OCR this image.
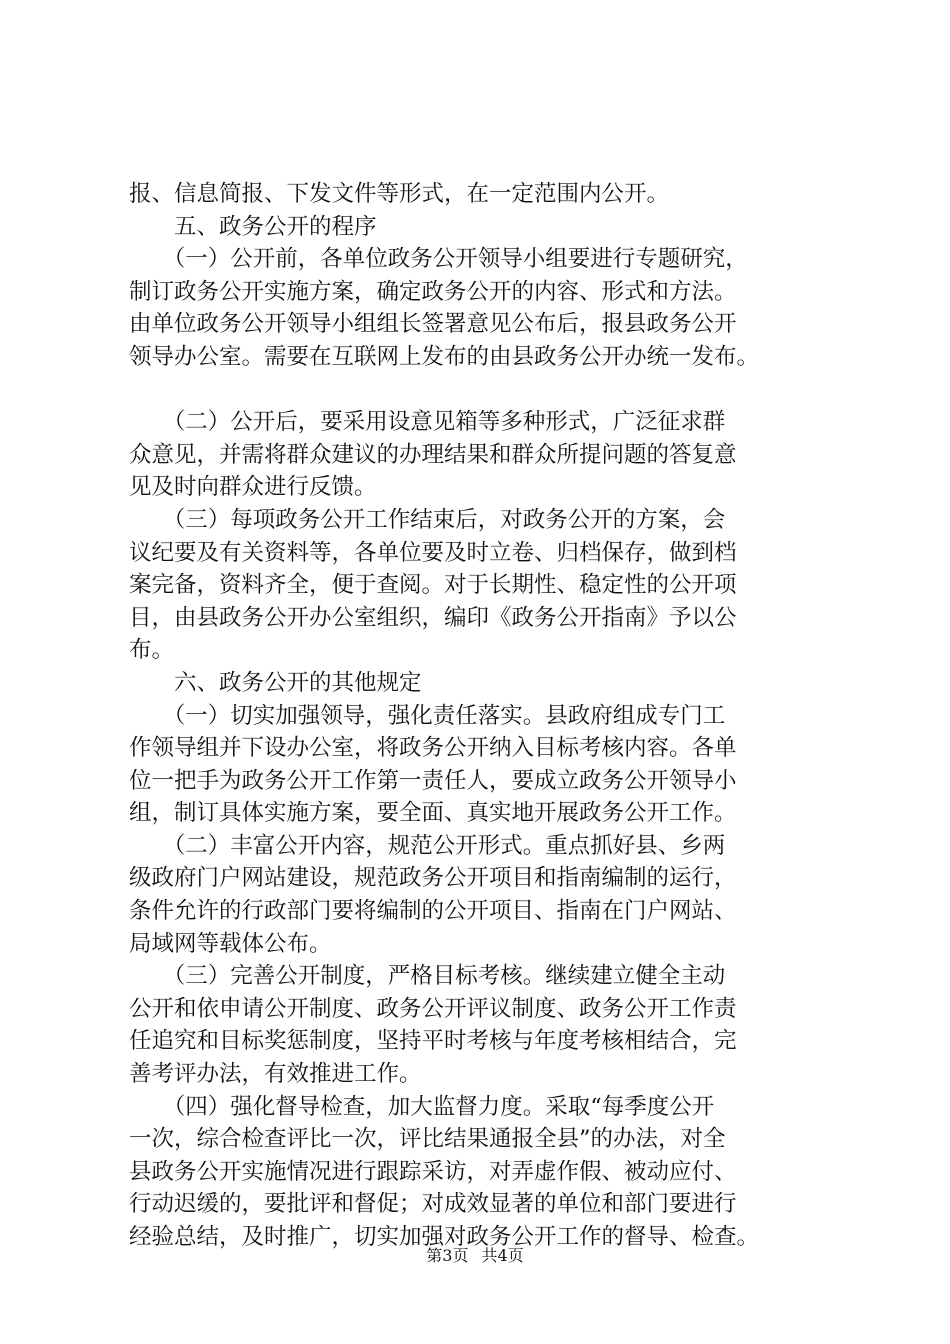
报、信息简报、下发文件等形式，在一定范围内公开。
　　五、政务公开的程序
　　（一）公开前，各单位政务公开领导小组要进行专题研究，
制订政务公开实施方案，确定政务公开的内容、形式和方法。
由单位政务公开领导小组组长签署意见公布后，报县政务公开
领导办公室。需要在互联网上发布的由县政务公开办统一发布。
　　（二）公开后，要采用设意见箱等多种形式，广泛征求群
众意见，并需将群众建议的办理结果和群众所提问题的答复意
见及时向群众进行反馈。
　　（三）每项政务公开工作结束后，对政务公开的方案，会
议纪要及有关资料等，各单位要及时立卷、归档保存，做到档
案完备，资料齐全，便于查阅。对于长期性、稳定性的公开项
目，由县政务公开办公室组织，编印《政务公开指南》予以公
布。
　　六、政务公开的其他规定
　　（一）切实加强领导，强化责任落实。县政府组成专门工
作领导组并下设办公室，将政务公开纳入目标考核内容。各单
位一把手为政务公开工作第一责任人，要成立政务公开领导小
组，制订具体实施方案，要全面、真实地开展政务公开工作。
　　（二）丰富公开内容，规范公开形式。重点抓好县、乡两
级政府门户网站建设，规范政务公开项目和指南编制的运行，
条件允许的行政部门要将编制的公开项目、指南在门户网站、
局域网等载体公布。
　　（三）完善公开制度，严格目标考核。继续建立健全主动
公开和依申请公开制度、政务公开评议制度、政务公开工作责
任追究和目标奖惩制度，坚持平时考核与年度考核相结合，完
善考评办法，有效推进工作。
　　（四）强化督导检查，加大监督力度。采取“每季度公开
一次，综合检查评比一次，评比结果通报全县”的办法，对全
县政务公开实施情况进行跟踪采访，对弄虚作假、被动应付、
行动迟缓的，要批评和督促；对成效显著的单位和部门要进行
经验总结，及时推广，切实加强对政务公开工作的督导、检查。
第3页 共4页
